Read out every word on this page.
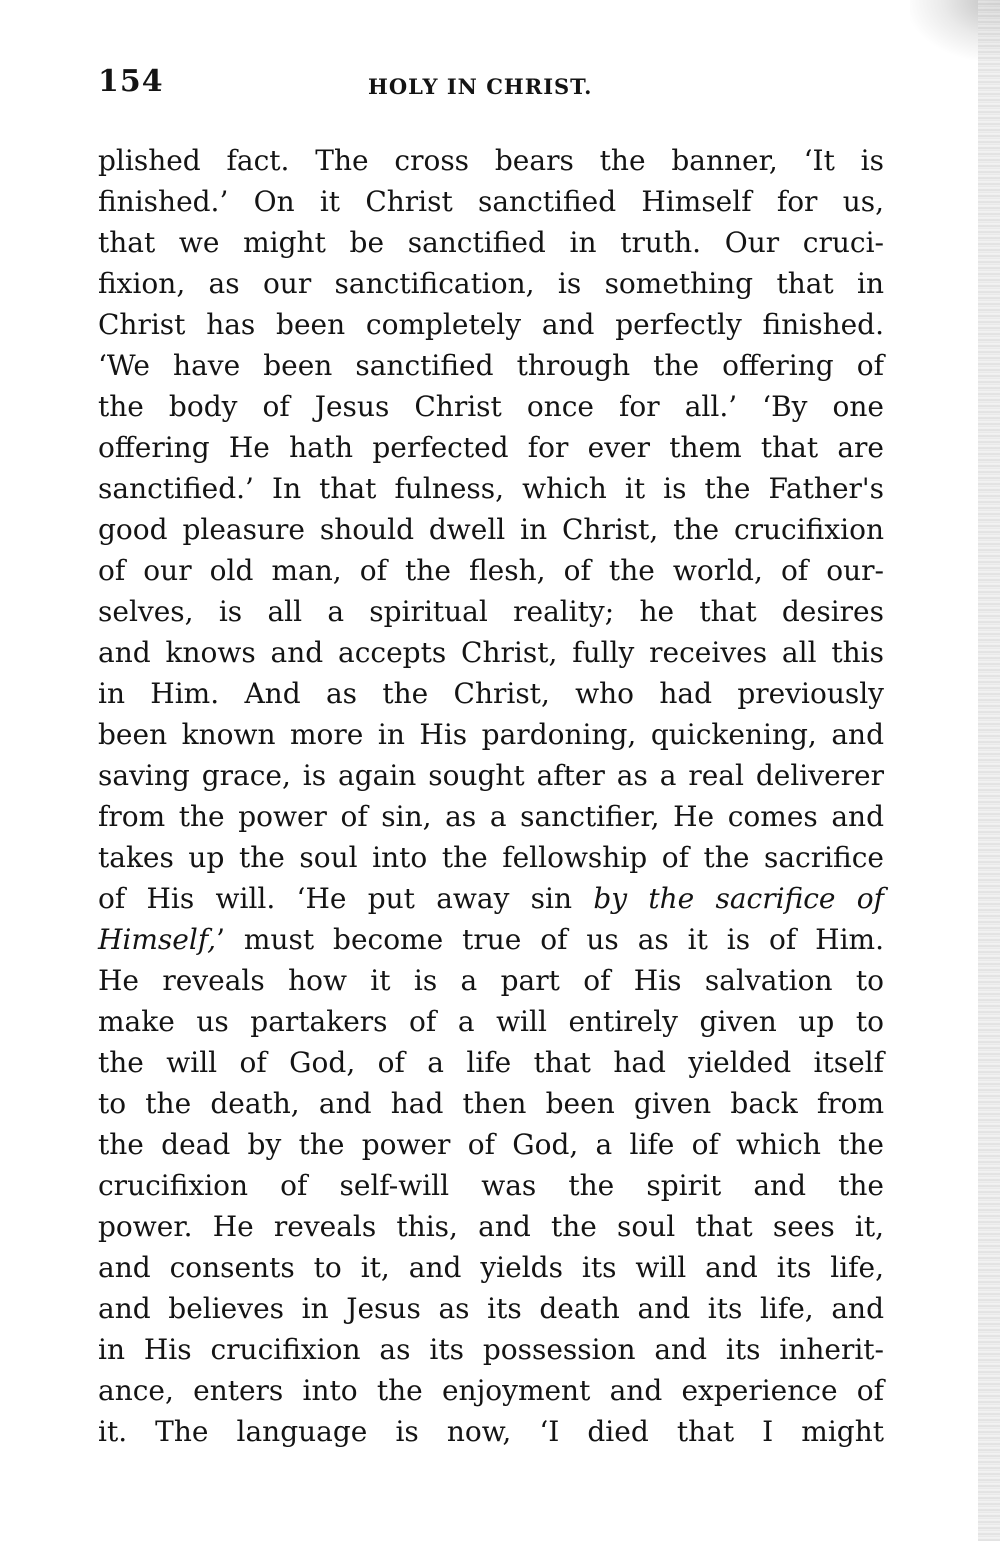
154	HOLY IN CHRIST.
plished fact. The cross bears the banner, ‘It is
finished.’ On it Christ sanctified Himself for us,
that we might be sanctified in truth. Our cruci-
fixion, as our sanctification, is something that in
Christ has been completely and perfectly finished.
‘We have been sanctified through the offering of
the body of Jesus Christ once for all.’ ‘By one
offering He hath perfected for ever them that are
sanctified.’ In that fulness, which it is the Father's
good pleasure should dwell in Christ, the crucifixion
of our old man, of the flesh, of the world, of our-
selves, is all a spiritual reality; he that desires
and knows and accepts Christ, fully receives all this
in Him. And as the Christ, who had previously
been known more in His pardoning, quickening, and
saving grace, is again sought after as a real deliverer
from the power of sin, as a sanctifier, He comes and
takes up the soul into the fellowship of the sacrifice
of His will. ‘He put away sin by the sacrifice of
Himself,’ must become true of us as it is of Him.
He reveals how it is a part of His salvation to
make us partakers of a will entirely given up to
the will of God, of a life that had yielded itself
to the death, and had then been given back from
the dead by the power of God, a life of which the
crucifixion of self-will was the spirit and the
power. He reveals this, and the soul that sees it,
and consents to it, and yields its will and its life,
and believes in Jesus as its death and its life, and
in His crucifixion as its possession and its inherit-
ance, enters into the enjoyment and experience of
it. The language is now, ‘I died that I might
